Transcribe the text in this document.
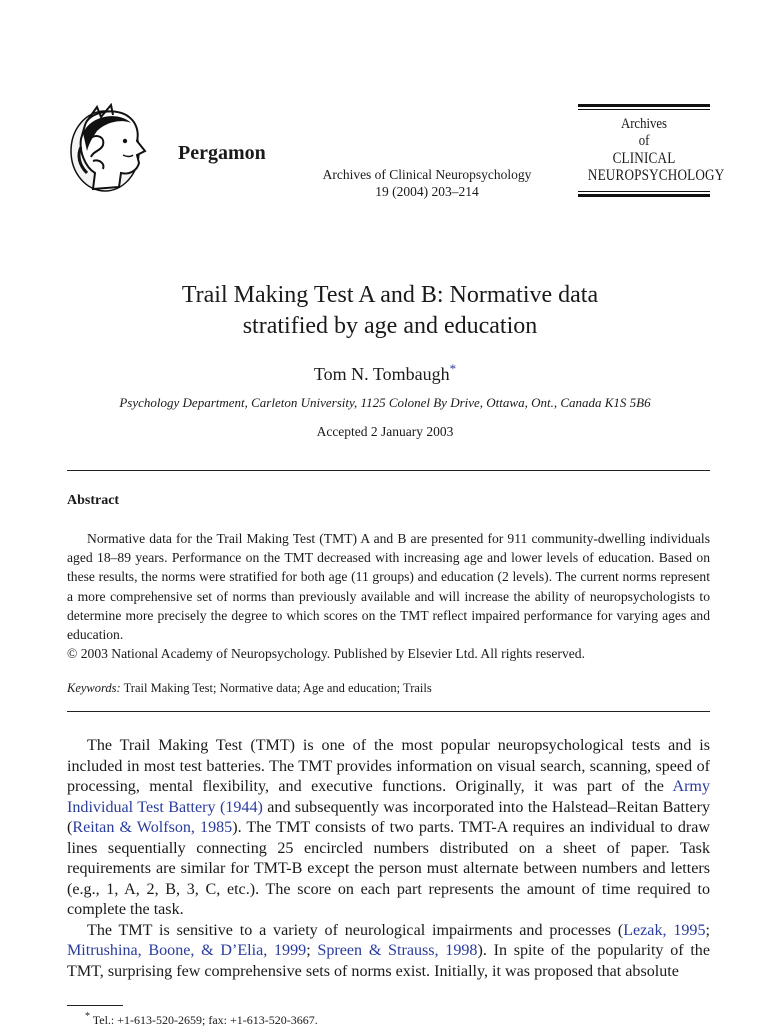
Pergamon
Archives of Clinical Neuropsychology
19 (2004) 203–214
Archives
of
CLINICAL
NEUROPSYCHOLOGY
Trail Making Test A and B: Normative data
stratified by age and education
Tom N. Tombaugh*
Psychology Department, Carleton University, 1125 Colonel By Drive, Ottawa, Ont., Canada K1S 5B6
Accepted 2 January 2003
Abstract

Normative data for the Trail Making Test (TMT) A and B are presented for 911 community-dwelling individuals aged 18–89 years. Performance on the TMT decreased with increasing age and lower levels of education. Based on these results, the norms were stratified for both age (11 groups) and education (2 levels). The current norms represent a more comprehensive set of norms than previously available and will increase the ability of neuropsychologists to determine more precisely the degree to which scores on the TMT reflect impaired performance for varying ages and education.

© 2003 National Academy of Neuropsychology. Published by Elsevier Ltd. All rights reserved.

Keywords: Trail Making Test; Normative data; Age and education; Trails

The Trail Making Test (TMT) is one of the most popular neuropsychological tests and is included in most test batteries. The TMT provides information on visual search, scanning, speed of processing, mental flexibility, and executive functions. Originally, it was part of the Army Individual Test Battery (1944) and subsequently was incorporated into the Halstead–Reitan Battery (Reitan & Wolfson, 1985). The TMT consists of two parts. TMT-A requires an individual to draw lines sequentially connecting 25 encircled numbers distributed on a sheet of paper. Task requirements are similar for TMT-B except the person must alternate between numbers and letters (e.g., 1, A, 2, B, 3, C, etc.). The score on each part represents the amount of time required to complete the task.

The TMT is sensitive to a variety of neurological impairments and processes (Lezak, 1995; Mitrushina, Boone, & D’Elia, 1999; Spreen & Strauss, 1998). In spite of the popularity of the TMT, surprising few comprehensive sets of norms exist. Initially, it was proposed that absolute

* Tel.: +1-613-520-2659; fax: +1-613-520-3667.
